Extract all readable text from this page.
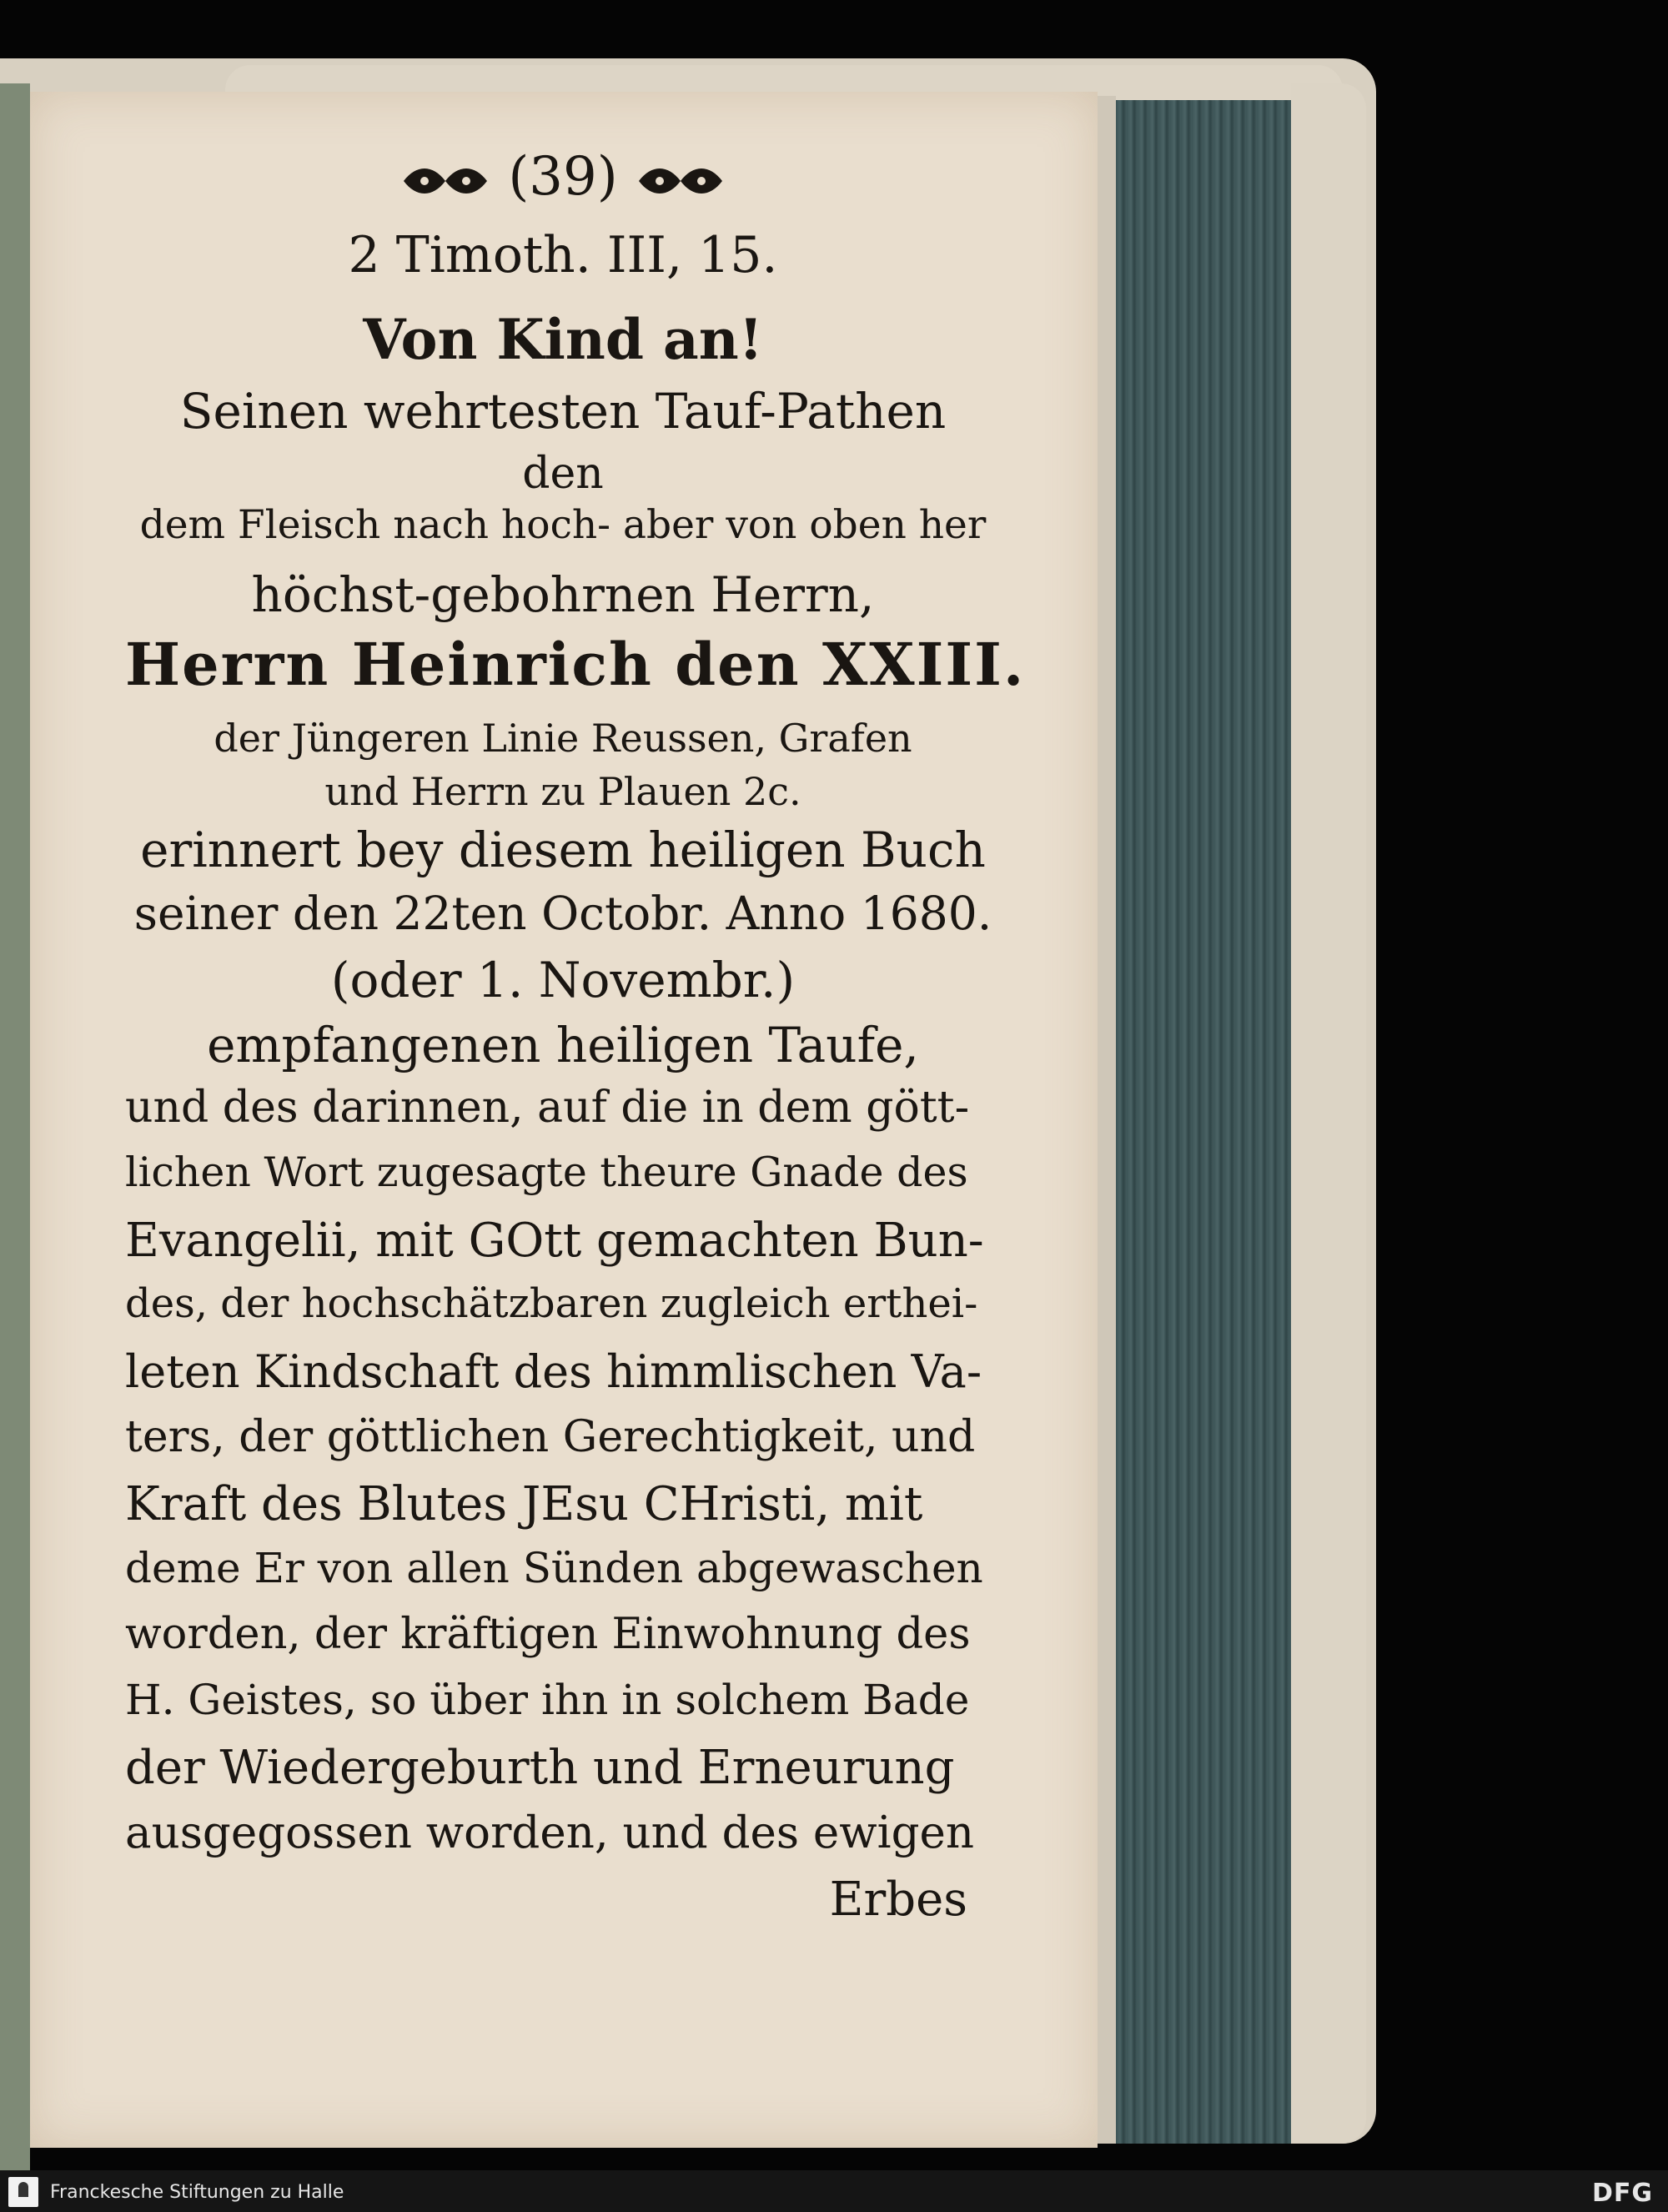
(39)
2 Timoth. III, 15.
Von Kind an!
Seinen wehrtesten Tauf-Pathen
den
dem Fleisch nach hoch- aber von oben her
höchst-gebohrnen Herrn,
Herrn Heinrich den XXIII.
der Jüngeren Linie Reussen, Grafen
und Herrn zu Plauen 2c.
erinnert bey diesem heiligen Buch
seiner den 22ten Octobr. Anno 1680.
(oder 1. Novembr.)
empfangenen heiligen Taufe,
und des darinnen, auf die in dem gött-
lichen Wort zugesagte theure Gnade des
Evangelii, mit GOtt gemachten Bun-
des, der hochschätzbaren zugleich erthei-
leten Kindschaft des himmlischen Va-
ters, der göttlichen Gerechtigkeit, und
Kraft des Blutes JEsu CHristi, mit
deme Er von allen Sünden abgewaschen
worden, der kräftigen Einwohnung des
H. Geistes, so über ihn in solchem Bade
der Wiedergeburth und Erneurung
ausgegossen worden, und des ewigen
Erbes
Franckesche Stiftungen zu Halle	DFG
